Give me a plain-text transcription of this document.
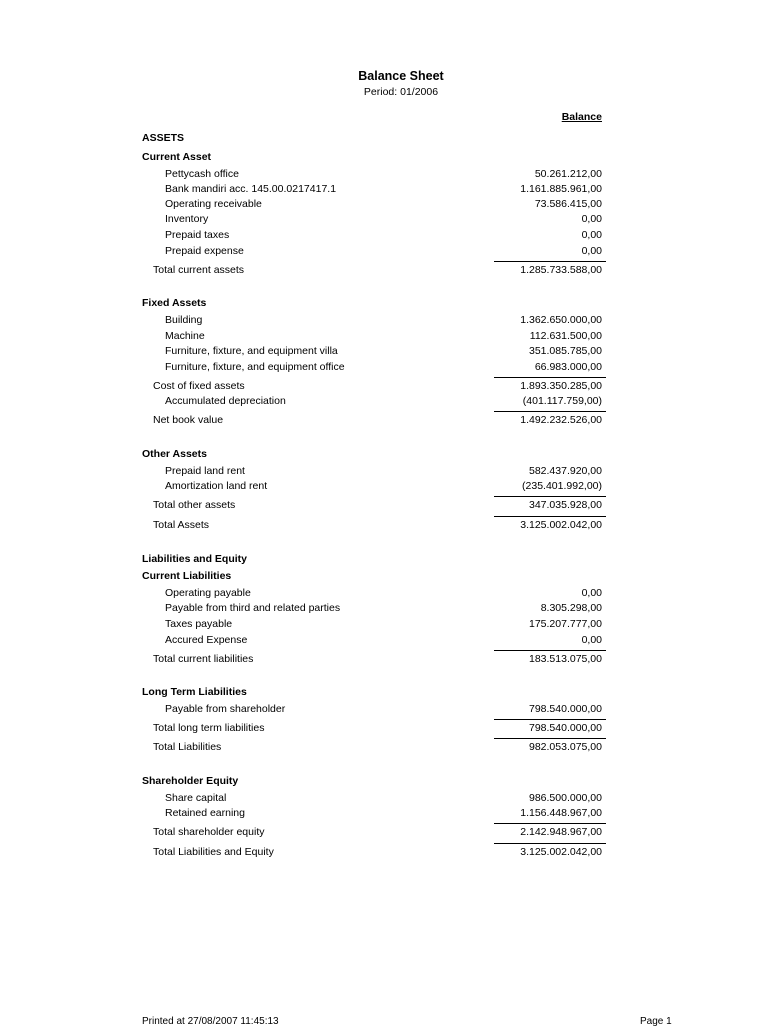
Balance Sheet
Period: 01/2006
Balance
ASSETS
Current Asset
Pettycash office	50.261.212,00
Bank mandiri acc. 145.00.0217417.1	1.161.885.961,00
Operating receivable	73.586.415,00
Inventory	0,00
Prepaid taxes	0,00
Prepaid expense	0,00
Total current assets	1.285.733.588,00
Fixed Assets
Building	1.362.650.000,00
Machine	112.631.500,00
Furniture, fixture, and equipment villa	351.085.785,00
Furniture, fixture, and equipment office	66.983.000,00
Cost of fixed assets	1.893.350.285,00
Accumulated depreciation	(401.117.759,00)
Net book value	1.492.232.526,00
Other Assets
Prepaid land rent	582.437.920,00
Amortization land rent	(235.401.992,00)
Total other assets	347.035.928,00
Total Assets	3.125.002.042,00
Liabilities and Equity
Current Liabilities
Operating payable	0,00
Payable from third and related parties	8.305.298,00
Taxes payable	175.207.777,00
Accured Expense	0,00
Total current liabilities	183.513.075,00
Long Term Liabilities
Payable from shareholder	798.540.000,00
Total long term liabilities	798.540.000,00
Total Liabilities	982.053.075,00
Shareholder Equity
Share capital	986.500.000,00
Retained earning	1.156.448.967,00
Total shareholder equity	2.142.948.967,00
Total Liabilities and Equity	3.125.002.042,00
Printed at 27/08/2007 11:45:13	Page 1
